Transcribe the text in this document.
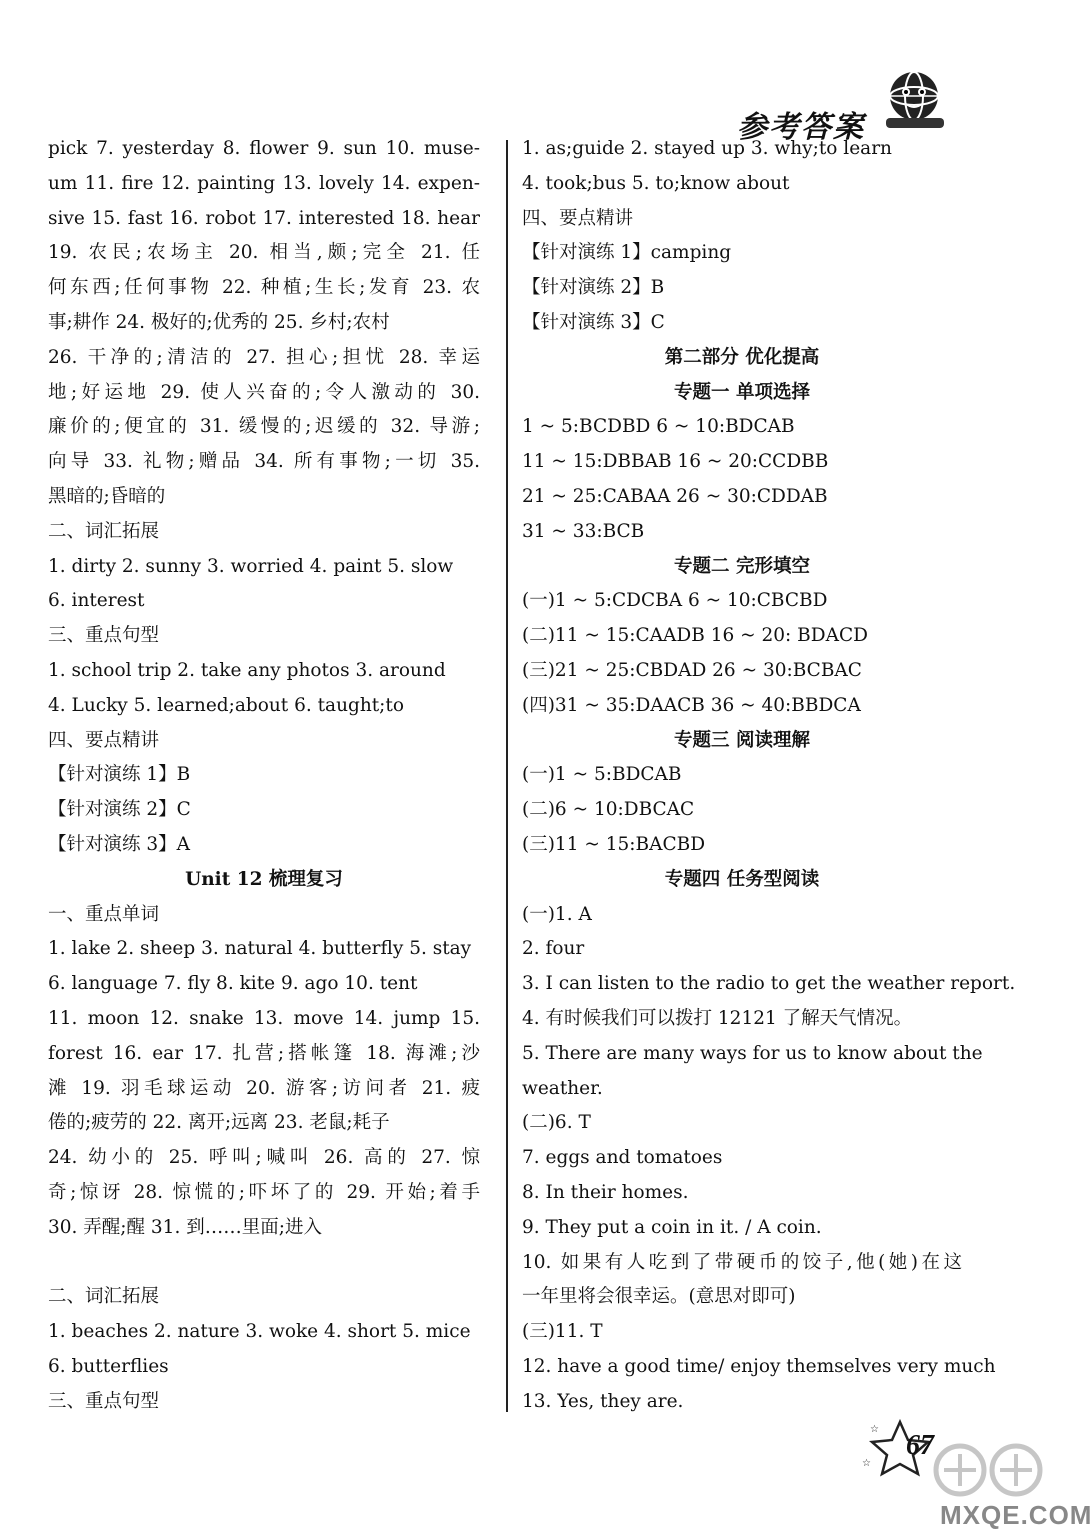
参考答案
pick 7. yesterday 8. flower 9. sun 10. muse-
um 11. fire 12. painting 13. lovely 14. expen-
sive 15. fast 16. robot 17. interested 18. hear
19. 农民;农场主 20. 相当,颇;完全 21. 任
何东西;任何事物 22. 种植;生长;发育 23. 农
事;耕作 24. 极好的;优秀的 25. 乡村;农村
26. 干净的;清洁的 27. 担心;担忧 28. 幸运
地;好运地 29. 使人兴奋的;令人激动的 30.
廉价的;便宜的 31. 缓慢的;迟缓的 32. 导游;
向导 33. 礼物;赠品 34. 所有事物;一切 35.
黑暗的;昏暗的
二、词汇拓展
1. dirty 2. sunny 3. worried 4. paint 5. slow
6. interest
三、重点句型
1. school trip 2. take any photos 3. around
4. Lucky 5. learned;about 6. taught;to
四、要点精讲
【针对演练 1】B
【针对演练 2】C
【针对演练 3】A
Unit 12 梳理复习
一、重点单词
1. lake 2. sheep 3. natural 4. butterfly 5. stay
6. language 7. fly 8. kite 9. ago 10. tent
11. moon 12. snake 13. move 14. jump 15.
forest 16. ear 17. 扎营;搭帐篷 18. 海滩;沙
滩 19. 羽毛球运动 20. 游客;访问者 21. 疲
倦的;疲劳的 22. 离开;远离 23. 老鼠;耗子
24. 幼小的 25. 呼叫;喊叫 26. 高的 27. 惊
奇;惊讶 28. 惊慌的;吓坏了的 29. 开始;着手
30. 弄醒;醒 31. 到……里面;进入
二、词汇拓展
1. beaches 2. nature 3. woke 4. short 5. mice
6. butterflies
三、重点句型
1. as;guide 2. stayed up 3. why;to learn
4. took;bus 5. to;know about
四、要点精讲
【针对演练 1】camping
【针对演练 2】B
【针对演练 3】C
第二部分 优化提高
专题一 单项选择
1 ~ 5:BCDBD 6 ~ 10:BDCAB
11 ~ 15:DBBAB 16 ~ 20:CCDBB
21 ~ 25:CABAA 26 ~ 30:CDDAB
31 ~ 33:BCB
专题二 完形填空
(一)1 ~ 5:CDCBA 6 ~ 10:CBCBD
(二)11 ~ 15:CAADB 16 ~ 20: BDACD
(三)21 ~ 25:CBDAD 26 ~ 30:BCBAC
(四)31 ~ 35:DAACB 36 ~ 40:BBDCA
专题三 阅读理解
(一)1 ~ 5:BDCAB
(二)6 ~ 10:DBCAC
(三)11 ~ 15:BACBD
专题四 任务型阅读
(一)1. A
2. four
3. I can listen to the radio to get the weather report.
4. 有时候我们可以拨打 12121 了解天气情况。
5. There are many ways for us to know about the
weather.
(二)6. T
7. eggs and tomatoes
8. In their homes.
9. They put a coin in it. / A coin.
10. 如果有人吃到了带硬币的饺子,他(她)在这
一年里将会很幸运。(意思对即可)
(三)11. T
12. have a good time/ enjoy themselves very much
13. Yes, they are.
☆
☆
67
MXQE.COM
